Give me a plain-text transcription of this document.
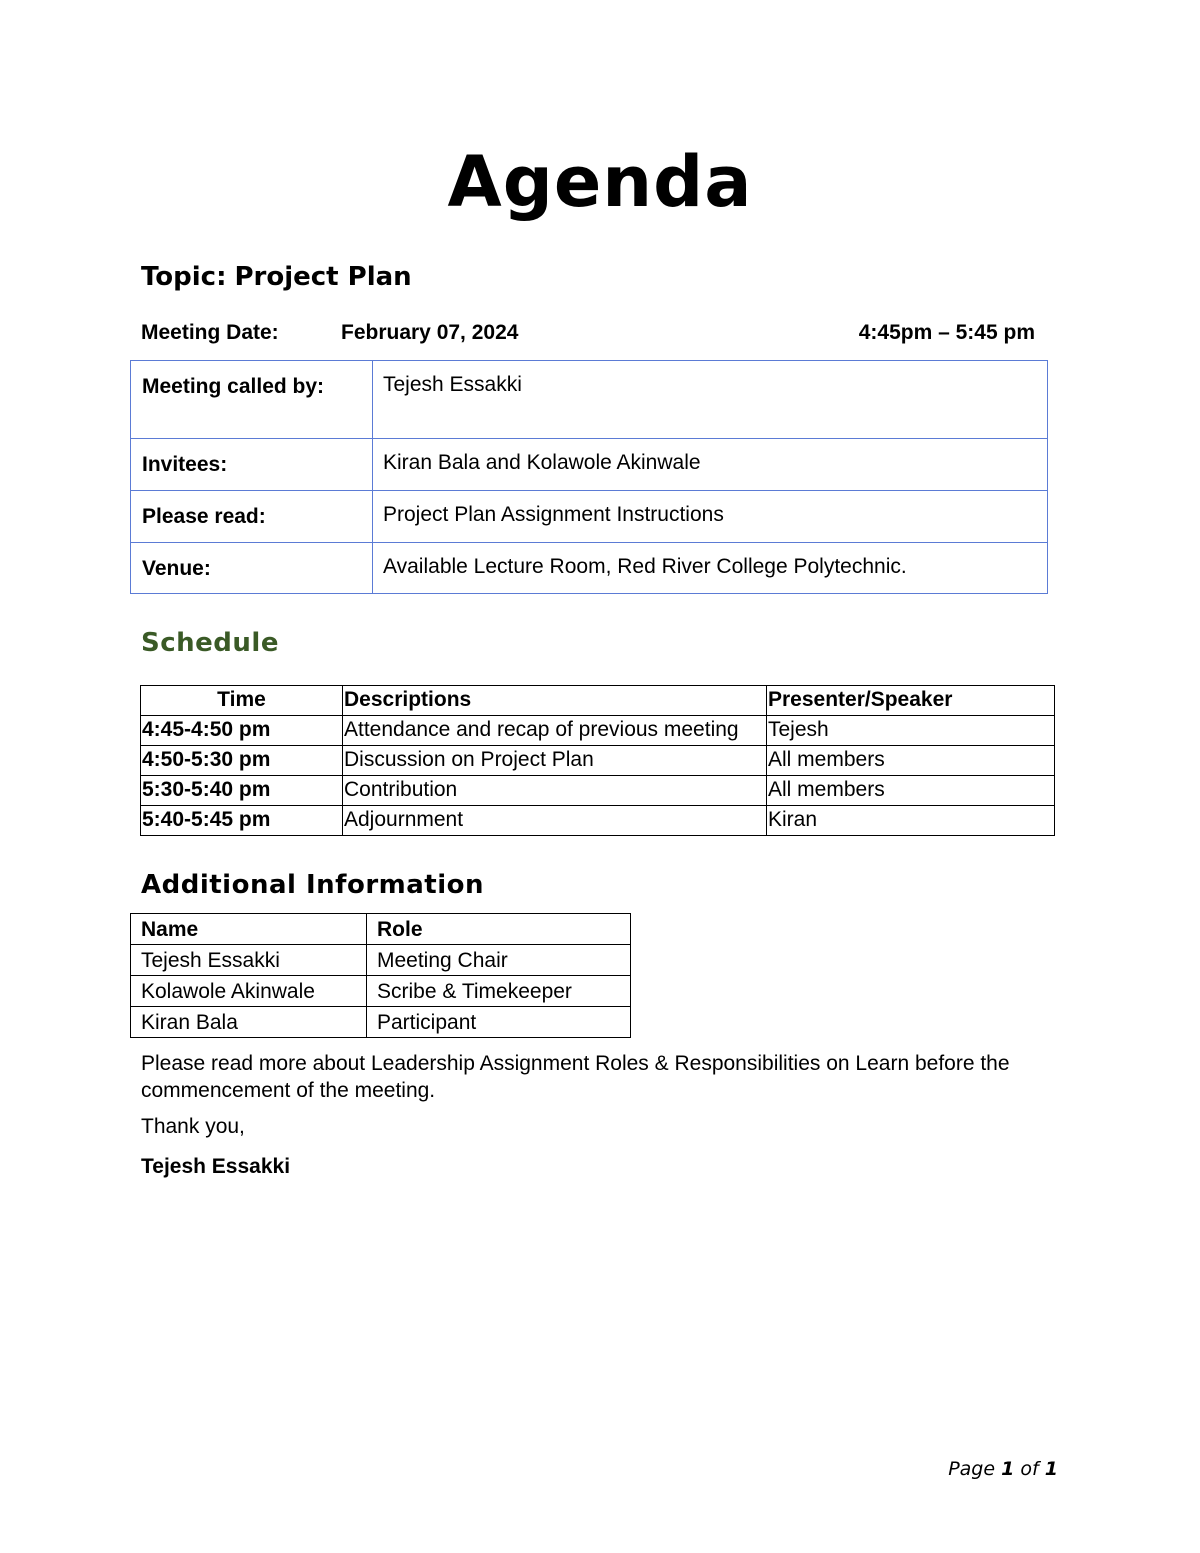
Agenda
Topic: Project Plan
Meeting Date:	February 07, 2024	4:45pm – 5:45 pm
Meeting called by:	Tejesh Essakki
Invitees:	Kiran Bala and Kolawole Akinwale
Please read:	Project Plan Assignment Instructions
Venue:	Available Lecture Room, Red River College Polytechnic.
Schedule
Time	Descriptions	Presenter/Speaker
4:45-4:50 pm	Attendance and recap of previous meeting	Tejesh
4:50-5:30 pm	Discussion on Project Plan	All members
5:30-5:40 pm	Contribution	All members
5:40-5:45 pm	Adjournment	Kiran
Additional Information
Name	Role
Tejesh Essakki	Meeting Chair
Kolawole Akinwale	Scribe & Timekeeper
Kiran Bala	Participant
Please read more about Leadership Assignment Roles & Responsibilities on Learn before the commencement of the meeting.
Thank you,
Tejesh Essakki
Page 1 of 1
